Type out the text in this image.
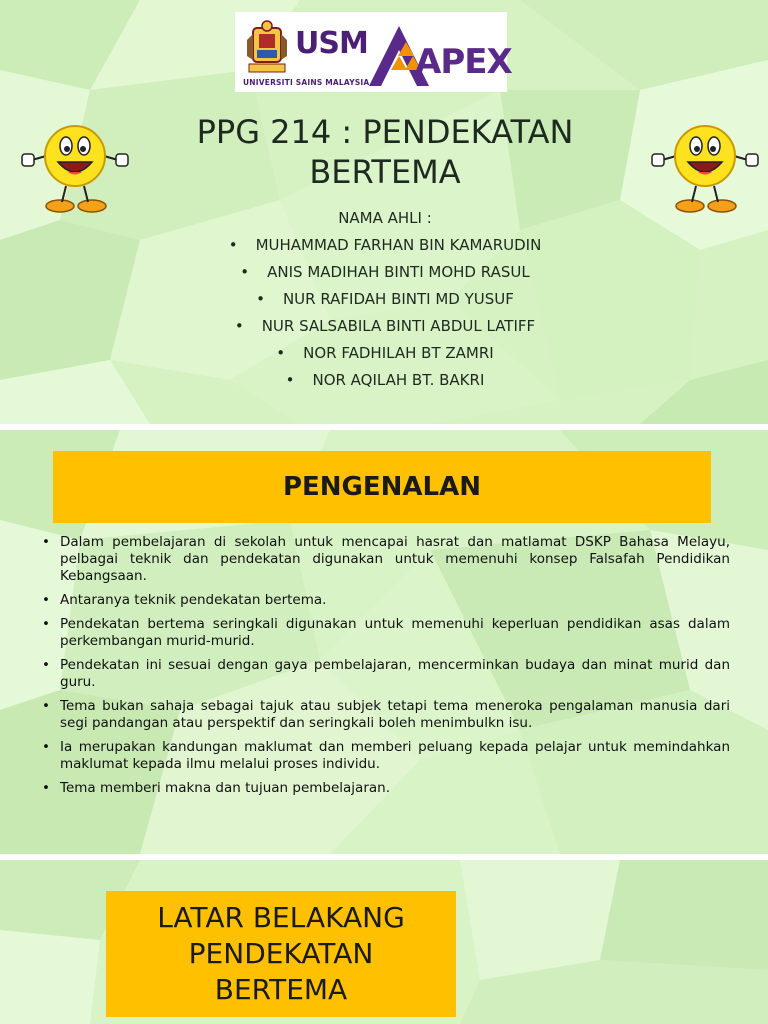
USM
UNIVERSITI SAINS MALAYSIA
APEX
PPG 214 : PENDEKATAN
BERTEMA
NAMA AHLI :
• MUHAMMAD FARHAN BIN KAMARUDIN
• ANIS MADIHAH BINTI MOHD RASUL
• NUR RAFIDAH BINTI MD YUSUF
• NUR SALSABILA BINTI ABDUL LATIFF
• NOR FADHILAH BT ZAMRI
• NOR AQILAH BT. BAKRI
PENGENALAN
• Dalam pembelajaran di sekolah untuk mencapai hasrat dan matlamat DSKP Bahasa Melayu, pelbagai teknik dan pendekatan digunakan untuk memenuhi konsep Falsafah Pendidikan Kebangsaan.
• Antaranya teknik pendekatan bertema.
• Pendekatan bertema seringkali digunakan untuk memenuhi keperluan pendidikan asas dalam perkembangan murid-murid.
• Pendekatan ini sesuai dengan gaya pembelajaran, mencerminkan budaya dan minat murid dan guru.
• Tema bukan sahaja sebagai tajuk atau subjek tetapi tema meneroka pengalaman manusia dari segi pandangan atau perspektif dan seringkali boleh menimbulkn isu.
• Ia merupakan kandungan maklumat dan memberi peluang kepada pelajar untuk memindahkan maklumat kepada ilmu melalui proses individu.
• Tema memberi makna dan tujuan pembelajaran.
LATAR BELAKANG
PENDEKATAN
BERTEMA
